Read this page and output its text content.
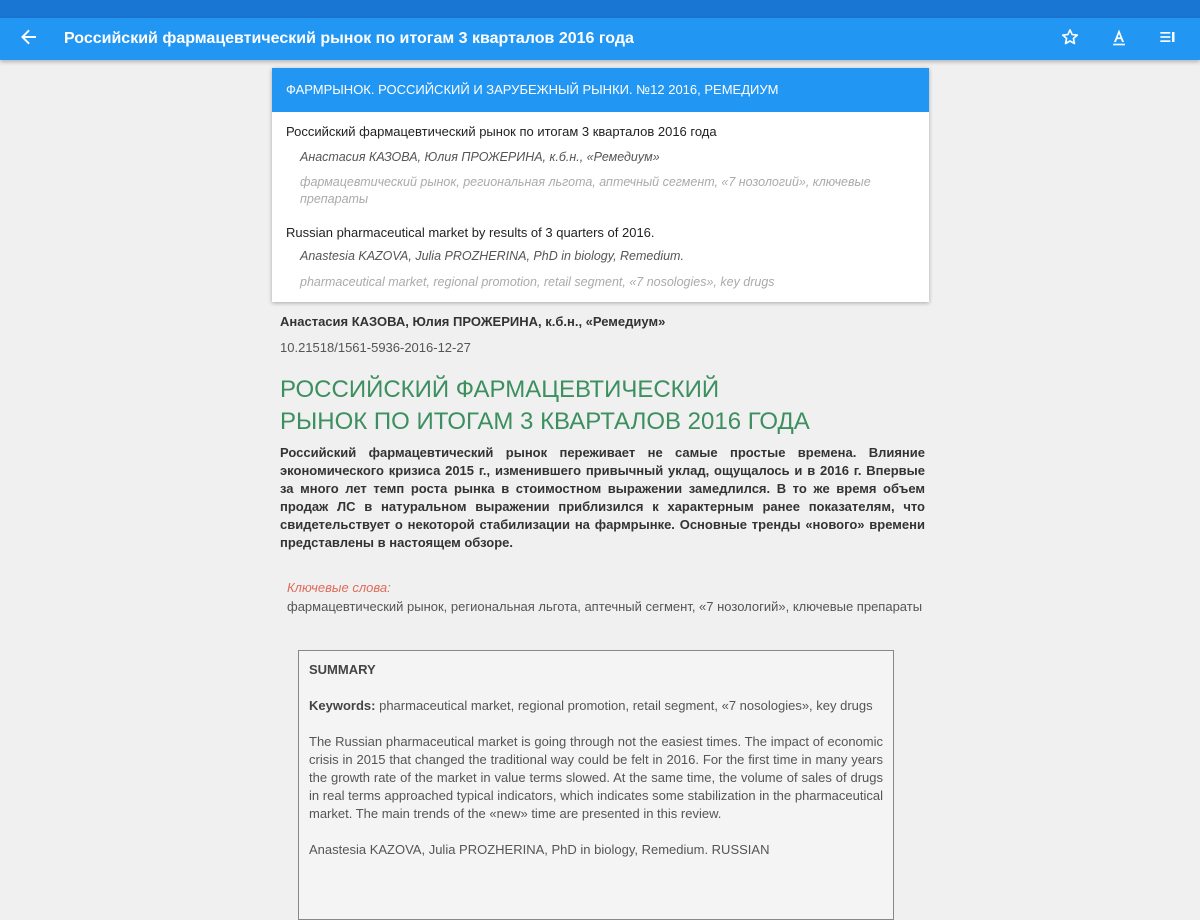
Российский фармацевтический рынок по итогам 3 кварталов 2016 года
ФАРМРЫНОК. РОССИЙСКИЙ И ЗАРУБЕЖНЫЙ РЫНКИ. №12 2016, РЕМЕДИУМ
Российский фармацевтический рынок по итогам 3 кварталов 2016 года
Анастасия КАЗОВА, Юлия ПРОЖЕРИНА, к.б.н., «Ремедиум»
фармацевтический рынок, региональная льгота, аптечный сегмент, «7 нозологий», ключевые препараты
Russian pharmaceutical market by results of 3 quarters of 2016.
Anastesia KAZOVA, Julia PROZHERINA, PhD in biology, Remedium.
pharmaceutical market, regional promotion, retail segment, «7 nosologies», key drugs
Анастасия КАЗОВА, Юлия ПРОЖЕРИНА, к.б.н., «Ремедиум»
10.21518/1561-5936-2016-12-27
РОССИЙСКИЙ ФАРМАЦЕВТИЧЕСКИЙ
РЫНОК ПО ИТОГАМ 3 КВАРТАЛОВ 2016 ГОДА
Российский фармацевтический рынок переживает не самые простые времена. Влияние экономического кризиса 2015 г., изменившего привычный уклад, ощущалось и в 2016 г. Впервые за много лет темп роста рынка в стоимостном выражении замедлился. В то же время объем продаж ЛС в натуральном выражении приблизился к характерным ранее показателям, что свидетельствует о некоторой стабилизации на фармрынке. Основные тренды «нового» времени представлены в настоящем обзоре.
Ключевые слова:
фармацевтический рынок, региональная льгота, аптечный сегмент, «7 нозологий», ключевые препараты
SUMMARY
Keywords: pharmaceutical market, regional promotion, retail segment, «7 nosologies», key drugs
The Russian pharmaceutical market is going through not the easiest times. The impact of economic crisis in 2015 that changed the traditional way could be felt in 2016. For the first time in many years the growth rate of the market in value terms slowed. At the same time, the volume of sales of drugs in real terms approached typical indicators, which indicates some stabilization in the pharmaceutical market. The main trends of the «new» time are presented in this review.
Anastesia KAZOVA, Julia PROZHERINA, PhD in biology, Remedium. RUSSIAN
